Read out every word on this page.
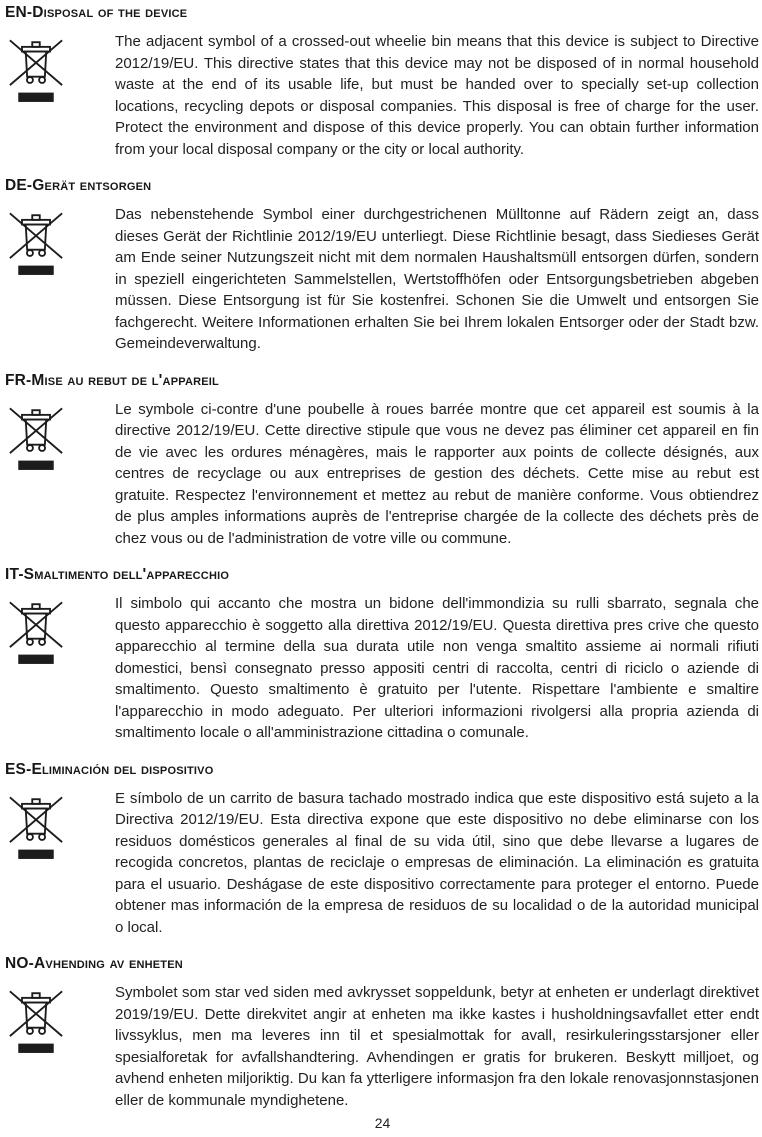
EN-Disposal of the device
The adjacent symbol of a crossed-out wheelie bin means that this device is subject to Directive 2012/19/EU. This directive states that this device may not be disposed of in normal household waste at the end of its usable life, but must be handed over to specially set-up collection locations, recycling depots or disposal companies. This disposal is free of charge for the user. Protect the environment and dispose of this device properly. You can obtain further information from your local disposal company or the city or local authority.
DE-Gerät entsorgen
Das nebenstehende Symbol einer durchgestrichenen Mülltonne auf Rädern zeigt an, dass dieses Gerät der Richtlinie 2012/19/EU unterliegt. Diese Richtlinie besagt, dass Siedieses Gerät am Ende seiner Nutzungszeit nicht mit dem normalen Haushaltsmüll entsorgen dürfen, sondern in speziell eingerichteten Sammelstellen, Wertstoffhöfen oder Entsorgungsbetrieben abgeben müssen. Diese Entsorgung ist für Sie kostenfrei. Schonen Sie die Umwelt und entsorgen Sie fachgerecht. Weitere Informationen erhalten Sie bei Ihrem lokalen Entsorger oder der Stadt bzw. Gemeindeverwaltung.
FR-Mise au rebut de l'appareil
Le symbole ci-contre d'une poubelle à roues barrée montre que cet appareil est soumis à la directive 2012/19/EU. Cette directive stipule que vous ne devez pas éliminer cet appareil en fin de vie avec les ordures ménagères, mais le rapporter aux points de collecte désignés, aux centres de recyclage ou aux entreprises de gestion des déchets. Cette mise au rebut est gratuite. Respectez l'environnement et mettez au rebut de manière conforme. Vous obtiendrez de plus amples informations auprès de l'entreprise chargée de la collecte des déchets près de chez vous ou de l'administration de votre ville ou commune.
IT-Smaltimento dell'apparecchio
Il simbolo qui accanto che mostra un bidone dell'immondizia su rulli sbarrato, segnala che questo apparecchio è soggetto alla direttiva 2012/19/EU. Questa direttiva pres crive che questo apparecchio al termine della sua durata utile non venga smaltito assieme ai normali rifiuti domestici, bensì consegnato presso appositi centri di raccolta, centri di riciclo o aziende di smaltimento. Questo smaltimento è gratuito per l'utente. Rispettare l'ambiente e smaltire l'apparecchio in modo adeguato. Per ulteriori informazioni rivolgersi alla propria azienda di smaltimento locale o all'amministrazione cittadina o comunale.
ES-Eliminación del dispositivo
E símbolo de un carrito de basura tachado mostrado indica que este dispositivo está sujeto a la Directiva 2012/19/EU. Esta directiva expone que este dispositivo no debe eliminarse con los residuos domésticos generales al final de su vida útil, sino que debe llevarse a lugares de recogida concretos, plantas de reciclaje o empresas de eliminación. La eliminación es gratuita para el usuario. Deshágase de este dispositivo correctamente para proteger el entorno. Puede obtener mas información de la empresa de residuos de su localidad o de la autoridad municipal o local.
NO-Avhending av enheten
Symbolet som star ved siden med avkrysset soppeldunk, betyr at enheten er underlagt direktivet 2019/19/EU. Dette direkvitet angir at enheten ma ikke kastes i husholdningsavfallet etter endt livssyklus, men ma leveres inn til et spesialmottak for avall, resirkuleringsstarsjoner eller spesialforetak for avfallshandtering. Avhendingen er gratis for brukeren. Beskytt milljoet, og avhend enheten miljoriktig. Du kan fa ytterligere informasjon fra den lokale renovasjonnstasjonen eller de kommunale myndighetene.
24
